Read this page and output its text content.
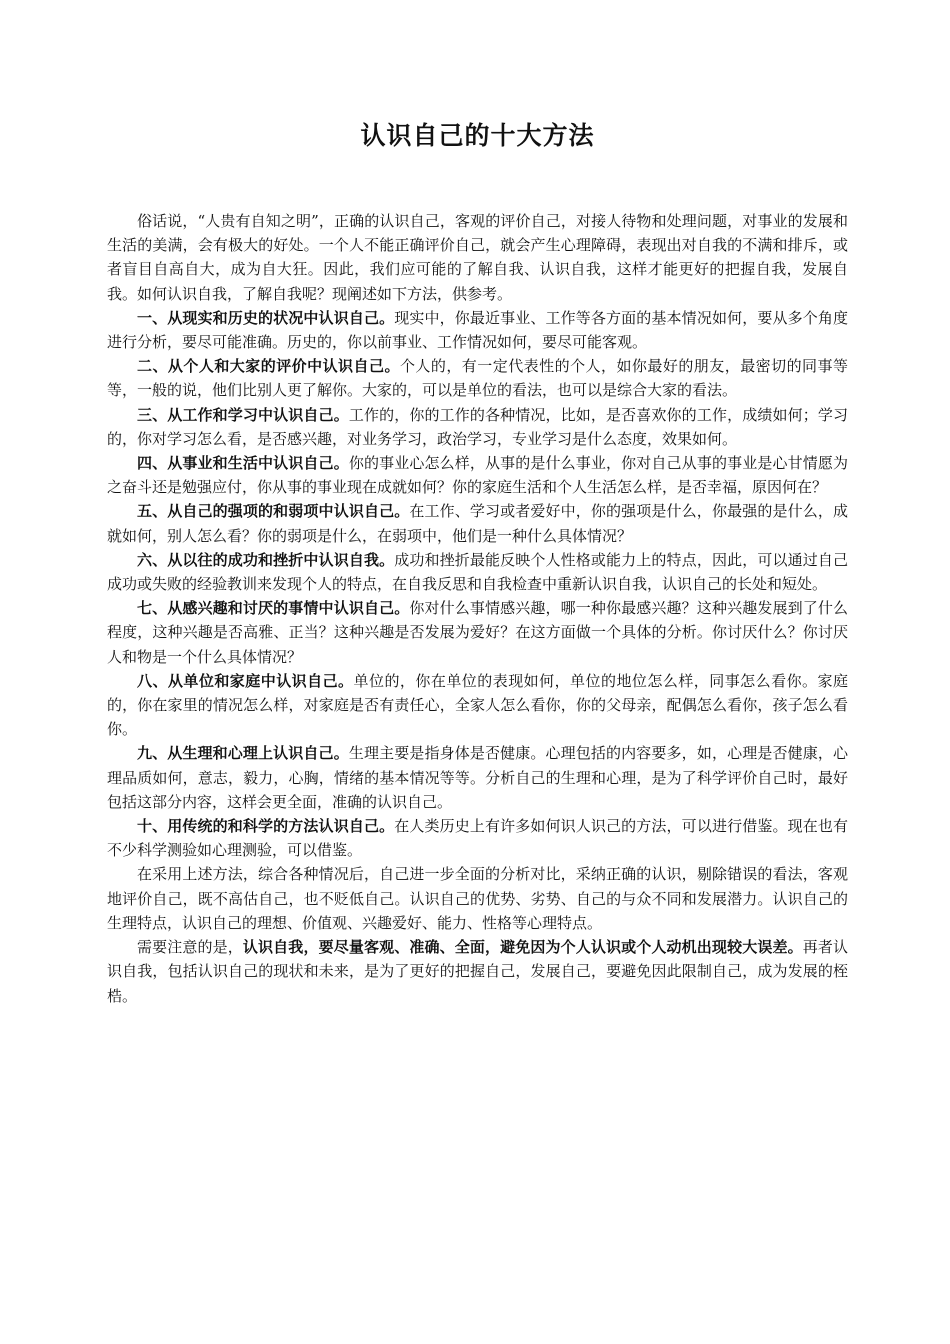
认识自己的十大方法

俗话说，“人贵有自知之明”，正确的认识自己，客观的评价自己，对接人待物和处理问题，对事业的发展和生活的美满，会有极大的好处。一个人不能正确评价自己，就会产生心理障碍，表现出对自我的不满和排斥，或者盲目自高自大，成为自大狂。因此，我们应可能的了解自我、认识自我，这样才能更好的把握自我，发展自我。如何认识自我，了解自我呢？现阐述如下方法，供参考。

一、从现实和历史的状况中认识自己。现实中，你最近事业、工作等各方面的基本情况如何，要从多个角度进行分析，要尽可能准确。历史的，你以前事业、工作情况如何，要尽可能客观。

二、从个人和大家的评价中认识自己。个人的，有一定代表性的个人，如你最好的朋友，最密切的同事等等，一般的说，他们比别人更了解你。大家的，可以是单位的看法，也可以是综合大家的看法。

三、从工作和学习中认识自己。工作的，你的工作的各种情况，比如，是否喜欢你的工作，成绩如何；学习的，你对学习怎么看，是否感兴趣，对业务学习，政治学习，专业学习是什么态度，效果如何。

四、从事业和生活中认识自己。你的事业心怎么样，从事的是什么事业，你对自己从事的事业是心甘情愿为之奋斗还是勉强应付，你从事的事业现在成就如何？你的家庭生活和个人生活怎么样，是否幸福，原因何在？

五、从自己的强项的和弱项中认识自己。在工作、学习或者爱好中，你的强项是什么，你最强的是什么，成就如何，别人怎么看？你的弱项是什么，在弱项中，他们是一种什么具体情况？

六、从以往的成功和挫折中认识自我。成功和挫折最能反映个人性格或能力上的特点，因此，可以通过自己成功或失败的经验教训来发现个人的特点，在自我反思和自我检查中重新认识自我，认识自己的长处和短处。

七、从感兴趣和讨厌的事情中认识自己。你对什么事情感兴趣，哪一种你最感兴趣？这种兴趣发展到了什么程度，这种兴趣是否高雅、正当？这种兴趣是否发展为爱好？在这方面做一个具体的分析。你讨厌什么？你讨厌人和物是一个什么具体情况？

八、从单位和家庭中认识自己。单位的，你在单位的表现如何，单位的地位怎么样，同事怎么看你。家庭的，你在家里的情况怎么样，对家庭是否有责任心，全家人怎么看你，你的父母亲，配偶怎么看你，孩子怎么看你。

九、从生理和心理上认识自己。生理主要是指身体是否健康。心理包括的内容要多，如，心理是否健康，心理品质如何，意志，毅力，心胸，情绪的基本情况等等。分析自己的生理和心理，是为了科学评价自己时，最好包括这部分内容，这样会更全面，准确的认识自己。

十、用传统的和科学的方法认识自己。在人类历史上有许多如何识人识己的方法，可以进行借鉴。现在也有不少科学测验如心理测验，可以借鉴。

在采用上述方法，综合各种情况后，自己进一步全面的分析对比，采纳正确的认识，剔除错误的看法，客观地评价自己，既不高估自己，也不贬低自己。认识自己的优势、劣势、自己的与众不同和发展潜力。认识自己的生理特点，认识自己的理想、价值观、兴趣爱好、能力、性格等心理特点。

需要注意的是，认识自我，要尽量客观、准确、全面，避免因为个人认识或个人动机出现较大误差。再者认识自我，包括认识自己的现状和未来，是为了更好的把握自己，发展自己，要避免因此限制自己，成为发展的桎梏。
